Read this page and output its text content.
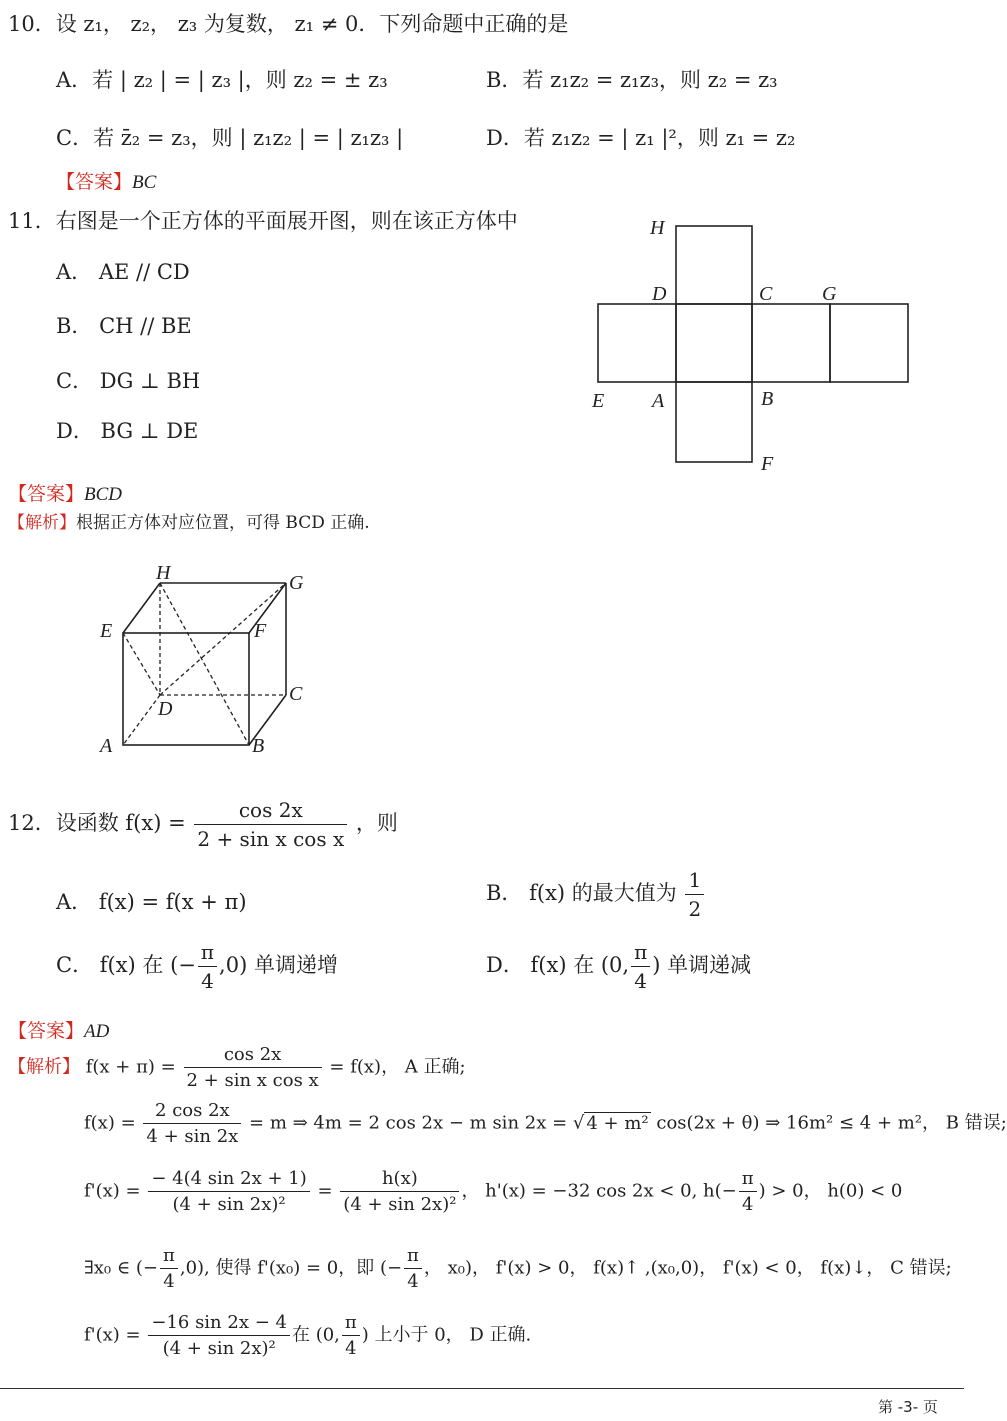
10．设 z₁， z₂， z₃ 为复数， z₁ ≠ 0．下列命题中正确的是
A．若 | z₂ | = | z₃ |，则 z₂ = ± z₃	B．若 z₁z₂ = z₁z₃，则 z₂ = z₃
C．若 z̄₂ = z₃，则 | z₁z₂ | = | z₁z₃ |	D．若 z₁z₂ = | z₁ |²，则 z₁ = z₂
【答案】BC
11．右图是一个正方体的平面展开图，则在该正方体中
A． AE // CD
B． CH // BE
C． DG ⊥ BH
D． BG ⊥ DE
H
D	C G
E A	B
F
【答案】BCD
【解析】根据正方体对应位置，可得 BCD 正确.
H	G
E	F
D
C
A	B
12．设函数 $f(x) = \frac{\cos 2x}{\text{2 + sin x cos x}}$ ，则
A． f(x) = f(x + π)	B． f(x) 的最大值为 $\frac{1}{2}$
C． f(x) 在 (− $\frac{\pi}{4} ,0$) 单调递增	D． f(x) 在 (0, $\frac{\pi}{4}$ ) 单调递减
【答案】AD
【解析】 $f(x + \pi) = \frac{\cos 2x}{\text{2 + sin x cos x}} = f(x)$， A 正确;
$f(x) = \frac{2 \cos 2x}{4 + \sin 2x} = m$ ⇒ 4m = 2 cos 2x − m sin 2x = √ 4 + m² cos(2x + θ) ⇒ 16m² ≤ 4 + m²， B 错误;
$f'(x) = \frac{- 4(4 \sin 2x + 1)}{\text{(4 + sin 2x)²}} = \frac{h(x)}{\text{(4 + sin 2x)²}}$ ， h'(x) = −32 cos 2x < 0, $h(- \frac{\pi}{4}$ ) > 0， h(0) < 0
∃x₀ ∈ (− $\frac{\pi}{4} ,0$), 使得 f'(x₀) = 0，即 (− $\frac{\pi}{4}$ ， x₀)， f'(x) > 0， f(x)↑ ,(x₀,0)， f'(x) < 0， f(x)↓， C 错误;
$f'(x) = \frac{-16 \sin 2x - 4}{\text{(4 + sin 2x)²}}$ 在 (0, $\frac{\pi}{4}$ ) 上小于 0， D 正确.
第 -3- 页
